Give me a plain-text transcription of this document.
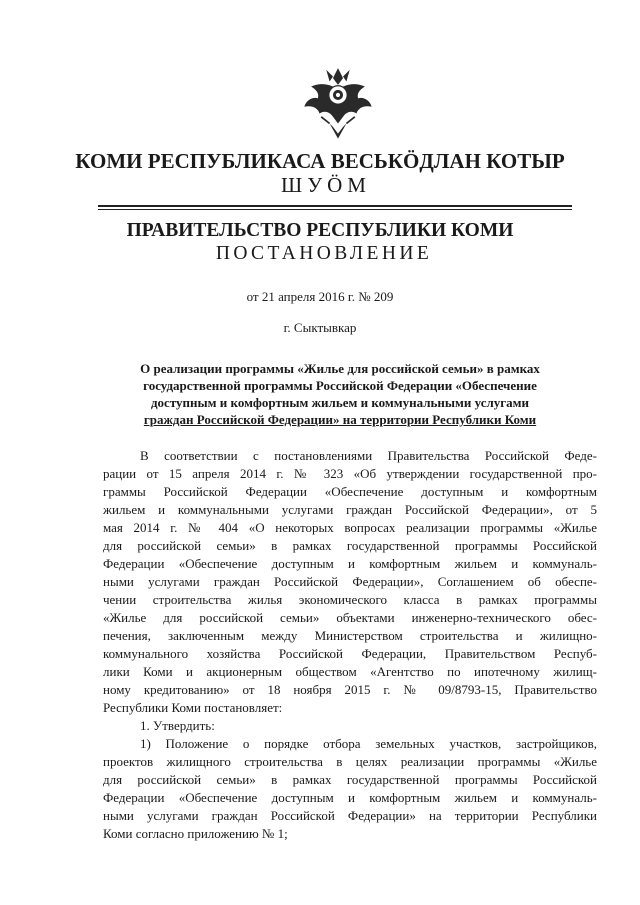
КОМИ РЕСПУБЛИКАСА ВЕСЬКӦДЛАН КОТЫР
ШУӦМ
ПРАВИТЕЛЬСТВО РЕСПУБЛИКИ КОМИ
ПОСТАНОВЛЕНИЕ
от 21 апреля 2016 г. № 209
г. Сыктывкар
О реализации программы «Жилье для российской семьи» в рамках
государственной программы Российской Федерации «Обеспечение
доступным и комфортным жильем и коммунальными услугами
граждан Российской Федерации» на территории Республики Коми
В соответствии с постановлениями Правительства Российской Феде-
рации от 15 апреля 2014 г. № 323 «Об утверждении государственной про-
граммы Российской Федерации «Обеспечение доступным и комфортным
жильем и коммунальными услугами граждан Российской Федерации», от 5
мая 2014 г. № 404 «О некоторых вопросах реализации программы «Жилье
для российской семьи» в рамках государственной программы Российской
Федерации «Обеспечение доступным и комфортным жильем и коммуналь-
ными услугами граждан Российской Федерации», Соглашением об обеспе-
чении строительства жилья экономического класса в рамках программы
«Жилье для российской семьи» объектами инженерно-технического обес-
печения, заключенным между Министерством строительства и жилищно-
коммунального хозяйства Российской Федерации, Правительством Респуб-
лики Коми и акционерным обществом «Агентство по ипотечному жилищ-
ному кредитованию» от 18 ноября 2015 г. № 09/8793-15, Правительство
Республики Коми постановляет:
1. Утвердить:
1) Положение о порядке отбора земельных участков, застройщиков,
проектов жилищного строительства в целях реализации программы «Жилье
для российской семьи» в рамках государственной программы Российской
Федерации «Обеспечение доступным и комфортным жильем и коммуналь-
ными услугами граждан Российской Федерации» на территории Республики
Коми согласно приложению № 1;
